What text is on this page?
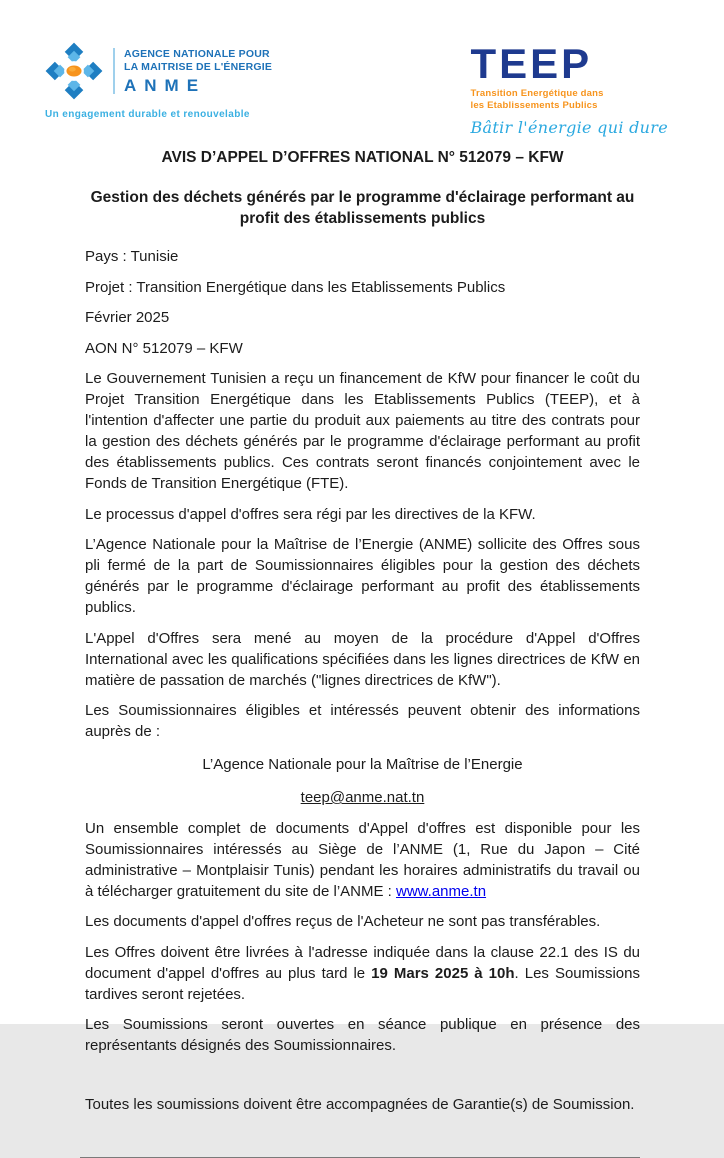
AGENCE NATIONALE POUR
LA MAITRISE DE L'ÉNERGIE
ANME
Un engagement durable et renouvelable
TEEP
Transition Energétique dans
les Etablissements Publics
Bâtir l'énergie qui dure
AVIS D’APPEL D’OFFRES NATIONAL N° 512079 – KFW
Gestion des déchets générés par le programme d'éclairage performant au profit des établissements publics

Pays : Tunisie

Projet : Transition Energétique dans les Etablissements Publics

Février 2025

AON N° 512079 – KFW

Le Gouvernement Tunisien a reçu un financement de KfW pour financer le coût du Projet Transition Energétique dans les Etablissements Publics (TEEP), et à l'intention d'affecter une partie du produit aux paiements au titre des contrats pour la gestion des déchets générés par le programme d'éclairage performant au profit des établissements publics. Ces contrats seront financés conjointement avec le Fonds de Transition Energétique (FTE).

Le processus d'appel d'offres sera régi par les directives de la KFW.

L’Agence Nationale pour la Maîtrise de l’Energie (ANME) sollicite des Offres sous pli fermé de la part de Soumissionnaires éligibles pour la gestion des déchets générés par le programme d'éclairage performant au profit des établissements publics.

L'Appel d'Offres sera mené au moyen de la procédure d'Appel d'Offres International avec les qualifications spécifiées dans les lignes directrices de KfW en matière de passation de marchés ("lignes directrices de KfW").

Les Soumissionnaires éligibles et intéressés peuvent obtenir des informations auprès de :

L’Agence Nationale pour la Maîtrise de l’Energie

teep@anme.nat.tn

Un ensemble complet de documents d'Appel d'offres est disponible pour les Soumissionnaires intéressés au Siège de l’ANME (1, Rue du Japon – Cité administrative – Montplaisir Tunis) pendant les horaires administratifs du travail ou à télécharger gratuitement du site de l’ANME : www.anme.tn

Les documents d'appel d'offres reçus de l'Acheteur ne sont pas transférables.

Les Offres doivent être livrées à l'adresse indiquée dans la clause 22.1 des IS du document d'appel d'offres au plus tard le 19 Mars 2025 à 10h. Les Soumissions tardives seront rejetées.

Les Soumissions seront ouvertes en séance publique en présence des représentants désignés des Soumissionnaires.

Toutes les soumissions doivent être accompagnées de Garantie(s) de Soumission.
